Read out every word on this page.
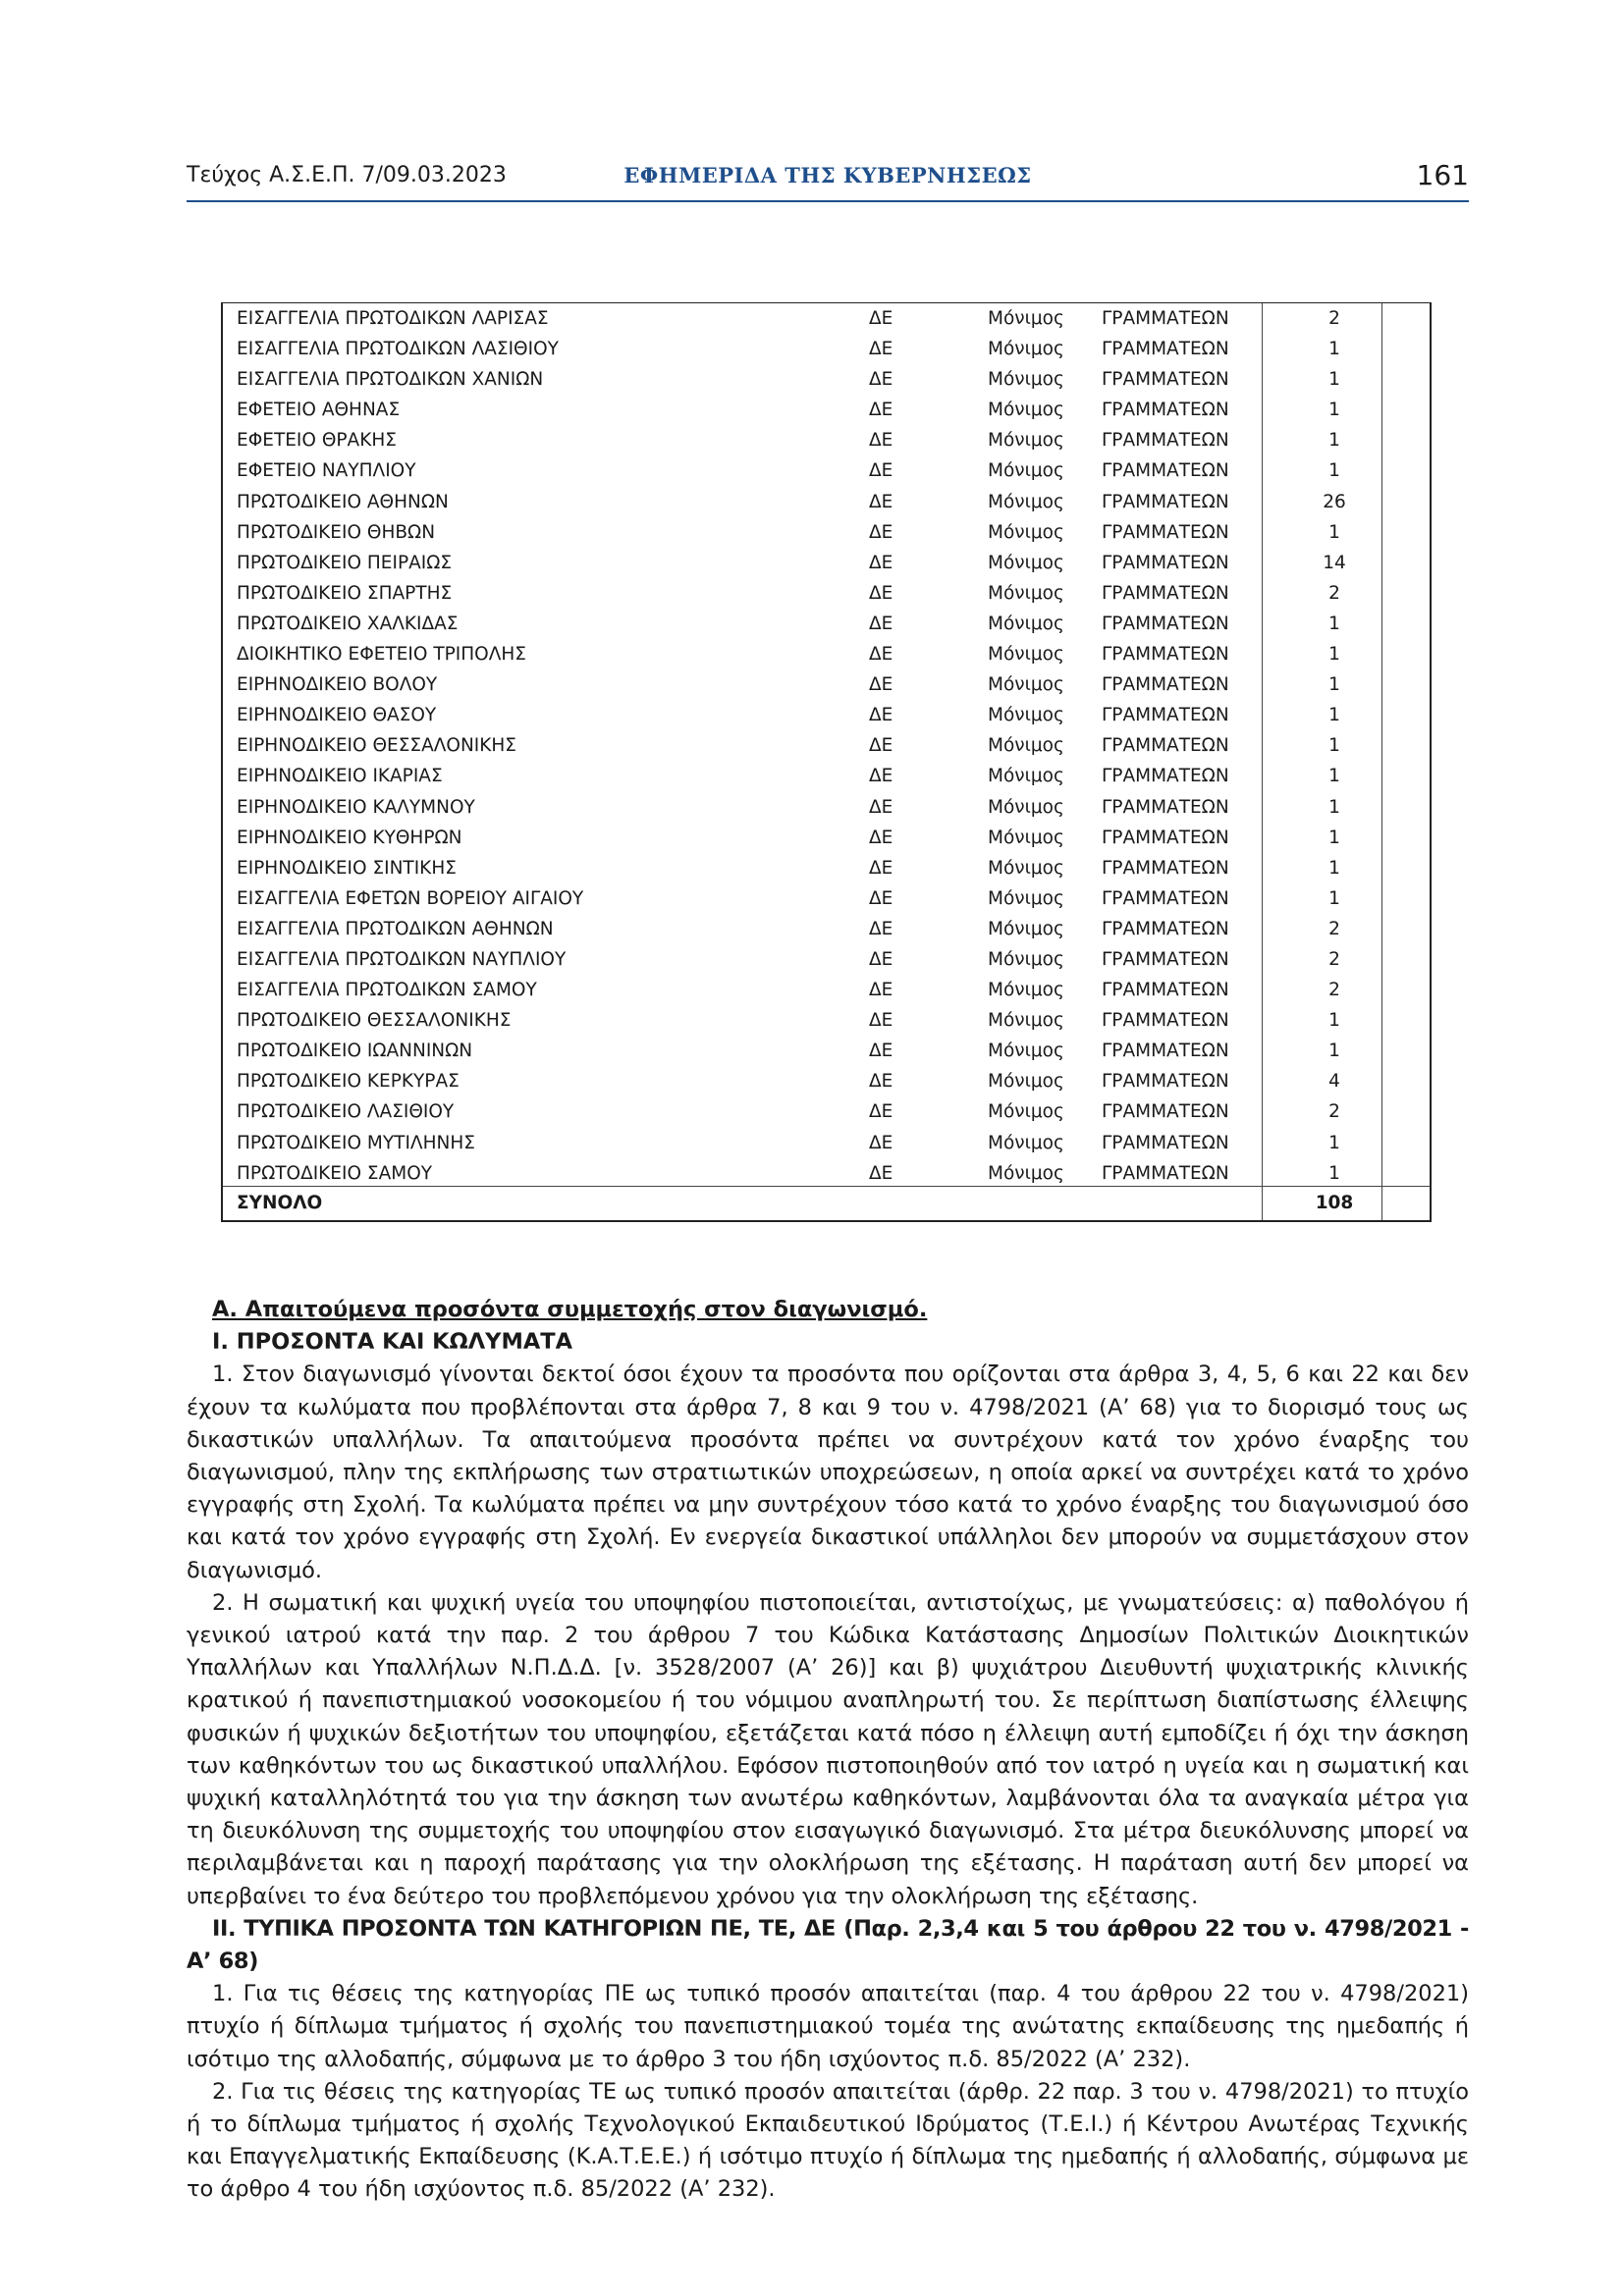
Τεύχος Α.Σ.Ε.Π. 7/09.03.2023	ΕΦΗΜΕΡΙΔΑ ΤΗΣ ΚΥΒΕΡΝΗΣΕΩΣ	161
ΕΙΣΑΓΓΕΛΙΑ ΠΡΩΤΟΔΙΚΩΝ ΛΑΡΙΣΑΣ	ΔΕ	Μόνιμος ΓΡΑΜΜΑΤΕΩΝ	2
ΕΙΣΑΓΓΕΛΙΑ ΠΡΩΤΟΔΙΚΩΝ ΛΑΣΙΘΙΟΥ	ΔΕ	Μόνιμος ΓΡΑΜΜΑΤΕΩΝ	1
ΕΙΣΑΓΓΕΛΙΑ ΠΡΩΤΟΔΙΚΩΝ ΧΑΝΙΩΝ	ΔΕ	Μόνιμος ΓΡΑΜΜΑΤΕΩΝ	1
ΕΦΕΤΕΙΟ ΑΘΗΝΑΣ	ΔΕ	Μόνιμος ΓΡΑΜΜΑΤΕΩΝ	1
ΕΦΕΤΕΙΟ ΘΡΑΚΗΣ	ΔΕ	Μόνιμος ΓΡΑΜΜΑΤΕΩΝ	1
ΕΦΕΤΕΙΟ ΝΑΥΠΛΙΟΥ	ΔΕ	Μόνιμος ΓΡΑΜΜΑΤΕΩΝ	1
ΠΡΩΤΟΔΙΚΕΙΟ ΑΘΗΝΩΝ	ΔΕ	Μόνιμος ΓΡΑΜΜΑΤΕΩΝ	26
ΠΡΩΤΟΔΙΚΕΙΟ ΘΗΒΩΝ	ΔΕ	Μόνιμος ΓΡΑΜΜΑΤΕΩΝ	1
ΠΡΩΤΟΔΙΚΕΙΟ ΠΕΙΡΑΙΩΣ	ΔΕ	Μόνιμος ΓΡΑΜΜΑΤΕΩΝ	14
ΠΡΩΤΟΔΙΚΕΙΟ ΣΠΑΡΤΗΣ	ΔΕ	Μόνιμος ΓΡΑΜΜΑΤΕΩΝ	2
ΠΡΩΤΟΔΙΚΕΙΟ ΧΑΛΚΙΔΑΣ	ΔΕ	Μόνιμος ΓΡΑΜΜΑΤΕΩΝ	1
ΔΙΟΙΚΗΤΙΚΟ ΕΦΕΤΕΙΟ ΤΡΙΠΟΛΗΣ	ΔΕ	Μόνιμος ΓΡΑΜΜΑΤΕΩΝ	1
ΕΙΡΗΝΟΔΙΚΕΙΟ ΒΟΛΟΥ	ΔΕ	Μόνιμος ΓΡΑΜΜΑΤΕΩΝ	1
ΕΙΡΗΝΟΔΙΚΕΙΟ ΘΑΣΟΥ	ΔΕ	Μόνιμος ΓΡΑΜΜΑΤΕΩΝ	1
ΕΙΡΗΝΟΔΙΚΕΙΟ ΘΕΣΣΑΛΟΝΙΚΗΣ	ΔΕ	Μόνιμος ΓΡΑΜΜΑΤΕΩΝ	1
ΕΙΡΗΝΟΔΙΚΕΙΟ ΙΚΑΡΙΑΣ	ΔΕ	Μόνιμος ΓΡΑΜΜΑΤΕΩΝ	1
ΕΙΡΗΝΟΔΙΚΕΙΟ ΚΑΛΥΜΝΟΥ	ΔΕ	Μόνιμος ΓΡΑΜΜΑΤΕΩΝ	1
ΕΙΡΗΝΟΔΙΚΕΙΟ ΚΥΘΗΡΩΝ	ΔΕ	Μόνιμος ΓΡΑΜΜΑΤΕΩΝ	1
ΕΙΡΗΝΟΔΙΚΕΙΟ ΣΙΝΤΙΚΗΣ	ΔΕ	Μόνιμος ΓΡΑΜΜΑΤΕΩΝ	1
ΕΙΣΑΓΓΕΛΙΑ ΕΦΕΤΩΝ ΒΟΡΕΙΟΥ ΑΙΓΑΙΟΥ	ΔΕ	Μόνιμος ΓΡΑΜΜΑΤΕΩΝ	1
ΕΙΣΑΓΓΕΛΙΑ ΠΡΩΤΟΔΙΚΩΝ ΑΘΗΝΩΝ	ΔΕ	Μόνιμος ΓΡΑΜΜΑΤΕΩΝ	2
ΕΙΣΑΓΓΕΛΙΑ ΠΡΩΤΟΔΙΚΩΝ ΝΑΥΠΛΙΟΥ	ΔΕ	Μόνιμος ΓΡΑΜΜΑΤΕΩΝ	2
ΕΙΣΑΓΓΕΛΙΑ ΠΡΩΤΟΔΙΚΩΝ ΣΑΜΟΥ	ΔΕ	Μόνιμος ΓΡΑΜΜΑΤΕΩΝ	2
ΠΡΩΤΟΔΙΚΕΙΟ ΘΕΣΣΑΛΟΝΙΚΗΣ	ΔΕ	Μόνιμος ΓΡΑΜΜΑΤΕΩΝ	1
ΠΡΩΤΟΔΙΚΕΙΟ ΙΩΑΝΝΙΝΩΝ	ΔΕ	Μόνιμος ΓΡΑΜΜΑΤΕΩΝ	1
ΠΡΩΤΟΔΙΚΕΙΟ ΚΕΡΚΥΡΑΣ	ΔΕ	Μόνιμος ΓΡΑΜΜΑΤΕΩΝ	4
ΠΡΩΤΟΔΙΚΕΙΟ ΛΑΣΙΘΙΟΥ	ΔΕ	Μόνιμος ΓΡΑΜΜΑΤΕΩΝ	2
ΠΡΩΤΟΔΙΚΕΙΟ ΜΥΤΙΛΗΝΗΣ	ΔΕ	Μόνιμος ΓΡΑΜΜΑΤΕΩΝ	1
ΠΡΩΤΟΔΙΚΕΙΟ ΣΑΜΟΥ	ΔΕ	Μόνιμος ΓΡΑΜΜΑΤΕΩΝ	1
ΣΥΝΟΛΟ	108

Α. Απαιτούμενα προσόντα συμμετοχής στον διαγωνισμό.

Ι. ΠΡΟΣΟΝΤΑ ΚΑΙ ΚΩΛΥΜΑΤΑ

1. Στον διαγωνισμό γίνονται δεκτοί όσοι έχουν τα προσόντα που ορίζονται στα άρθρα 3, 4, 5, 6 και 22 και δεν έχουν τα κωλύματα που προβλέπονται στα άρθρα 7, 8 και 9 του ν. 4798/2021 (Α’ 68) για το διορισμό τους ως δικαστικών υπαλλήλων. Τα απαιτούμενα προσόντα πρέπει να συντρέχουν κατά τον χρόνο έναρξης του διαγωνισμού, πλην της εκπλήρωσης των στρατιωτικών υποχρεώσεων, η οποία αρκεί να συντρέχει κατά το χρόνο εγγραφής στη Σχολή. Τα κωλύματα πρέπει να μην συντρέχουν τόσο κατά το χρόνο έναρξης του διαγωνισμού όσο και κατά τον χρόνο εγγραφής στη Σχολή. Εν ενεργεία δικαστικοί υπάλληλοι δεν μπορούν να συμμετάσχουν στον διαγωνισμό.

2. Η σωματική και ψυχική υγεία του υποψηφίου πιστοποιείται, αντιστοίχως, με γνωματεύσεις: α) παθολόγου ή γενικού ιατρού κατά την παρ. 2 του άρθρου 7 του Κώδικα Κατάστασης Δημοσίων Πολιτικών Διοικητικών Υπαλλήλων και Υπαλλήλων Ν.Π.Δ.Δ. [ν. 3528/2007 (Α’ 26)] και β) ψυχιάτρου Διευθυντή ψυχιατρικής κλινικής κρατικού ή πανεπιστημιακού νοσοκομείου ή του νόμιμου αναπληρωτή του. Σε περίπτωση διαπίστωσης έλλειψης φυσικών ή ψυχικών δεξιοτήτων του υποψηφίου, εξετάζεται κατά πόσο η έλλειψη αυτή εμποδίζει ή όχι την άσκηση των καθηκόντων του ως δικαστικού υπαλλήλου. Εφόσον πιστοποιηθούν από τον ιατρό η υγεία και η σωματική και ψυχική καταλληλότητά του για την άσκηση των ανωτέρω καθηκόντων, λαμβάνονται όλα τα αναγκαία μέτρα για τη διευκόλυνση της συμμετοχής του υποψηφίου στον εισαγωγικό διαγωνισμό. Στα μέτρα διευκόλυνσης μπορεί να περιλαμβάνεται και η παροχή παράτασης για την ολοκλήρωση της εξέτασης. Η παράταση αυτή δεν μπορεί να υπερβαίνει το ένα δεύτερο του προβλεπόμενου χρόνου για την ολοκλήρωση της εξέτασης.

ΙΙ. ΤΥΠΙΚΑ ΠΡΟΣΟΝΤΑ ΤΩΝ ΚΑΤΗΓΟΡΙΩΝ ΠΕ, ΤΕ, ΔΕ (Παρ. 2,3,4 και 5 του άρθρου 22 του ν. 4798/2021 - Α’ 68)

1. Για τις θέσεις της κατηγορίας ΠΕ ως τυπικό προσόν απαιτείται (παρ. 4 του άρθρου 22 του ν. 4798/2021) πτυχίο ή δίπλωμα τμήματος ή σχολής του πανεπιστημιακού τομέα της ανώτατης εκπαίδευσης της ημεδαπής ή ισότιμο της αλλοδαπής, σύμφωνα με το άρθρο 3 του ήδη ισχύοντος π.δ. 85/2022 (Α’ 232).

2. Για τις θέσεις της κατηγορίας ΤΕ ως τυπικό προσόν απαιτείται (άρθρ. 22 παρ. 3 του ν. 4798/2021) το πτυχίο ή το δίπλωμα τμήματος ή σχολής Τεχνολογικού Εκπαιδευτικού Ιδρύματος (Τ.Ε.Ι.) ή Κέντρου Ανωτέρας Τεχνικής και Επαγγελματικής Εκπαίδευσης (Κ.Α.Τ.Ε.Ε.) ή ισότιμο πτυχίο ή δίπλωμα της ημεδαπής ή αλλοδαπής, σύμφωνα με το άρθρο 4 του ήδη ισχύοντος π.δ. 85/2022 (Α’ 232).
